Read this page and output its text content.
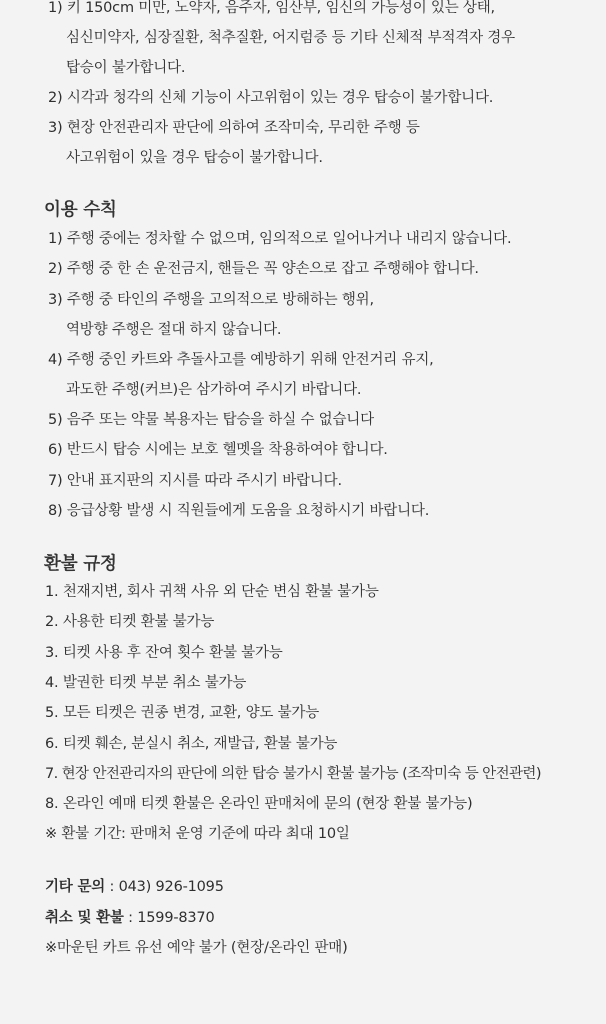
1) 키 150cm 미만, 노약자, 음주자, 임산부, 임신의 가능성이 있는 상태,
심신미약자, 심장질환, 척추질환, 어지럼증 등 기타 신체적 부적격자 경우
탑승이 불가합니다.
2) 시각과 청각의 신체 기능이 사고위험이 있는 경우 탑승이 불가합니다.
3) 현장 안전관리자 판단에 의하여 조작미숙, 무리한 주행 등
사고위험이 있을 경우 탑승이 불가합니다.
이용 수칙
1) 주행 중에는 정차할 수 없으며, 임의적으로 일어나거나 내리지 않습니다.
2) 주행 중 한 손 운전금지, 핸들은 꼭 양손으로 잡고 주행해야 합니다.
3) 주행 중 타인의 주행을 고의적으로 방해하는 행위,
역방향 주행은 절대 하지 않습니다.
4) 주행 중인 카트와 추돌사고를 예방하기 위해 안전거리 유지,
과도한 주행(커브)은 삼가하여 주시기 바랍니다.
5) 음주 또는 약물 복용자는 탑승을 하실 수 없습니다
6) 반드시 탑승 시에는 보호 헬멧을 착용하여야 합니다.
7) 안내 표지판의 지시를 따라 주시기 바랍니다.
8) 응급상황 발생 시 직원들에게 도움을 요청하시기 바랍니다.
환불 규정
1. 천재지변, 회사 귀책 사유 외 단순 변심 환불 불가능
2. 사용한 티켓 환불 불가능
3. 티켓 사용 후 잔여 횟수 환불 불가능
4. 발권한 티켓 부분 취소 불가능
5. 모든 티켓은 권종 변경, 교환, 양도 불가능
6. 티켓 훼손, 분실시 취소, 재발급, 환불 불가능
7. 현장 안전관리자의 판단에 의한 탑승 불가시 환불 불가능 (조작미숙 등 안전관련)
8. 온라인 예매 티켓 환불은 온라인 판매처에 문의 (현장 환불 불가능)
※ 환불 기간: 판매처 운영 기준에 따라 최대 10일
기타 문의 : 043) 926-1095
취소 및 환불 : 1599-8370
※마운틴 카트 유선 예약 불가 (현장/온라인 판매)
